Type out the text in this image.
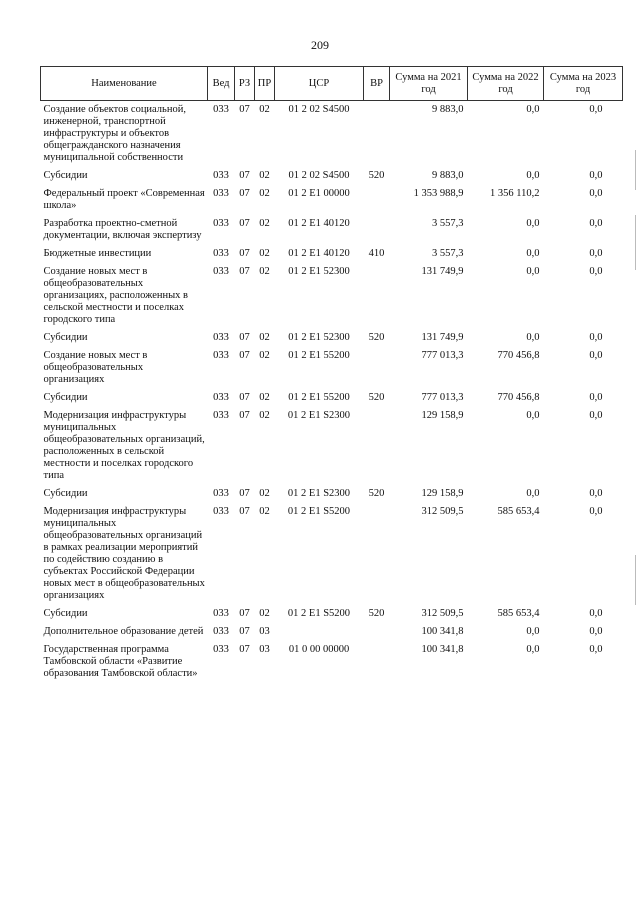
209
Наименование	Вед	РЗ	ПР	ЦСР	ВР	Сумма на 2021 год	Сумма на 2022 год	Сумма на 2023 год
Создание объектов социальной, инженерной, транспортной инфраструктуры и объектов общегражданского назначения муниципальной собственности	033	07	02	01 2 02 S4500		9 883,0	0,0	0,0
Субсидии	033	07	02	01 2 02 S4500	520	9 883,0	0,0	0,0
Федеральный проект «Современная школа»	033	07	02	01 2 Е1 00000		1 353 988,9	1 356 110,2	0,0
Разработка проектно-сметной документации, включая экспертизу	033	07	02	01 2 Е1 40120		3 557,3	0,0	0,0
Бюджетные инвестиции	033	07	02	01 2 Е1 40120	410	3 557,3	0,0	0,0
Создание новых мест в общеобразовательных организациях, расположенных в сельской местности и поселках городского типа	033	07	02	01 2 Е1 52300		131 749,9	0,0	0,0
Субсидии	033	07	02	01 2 Е1 52300	520	131 749,9	0,0	0,0
Создание новых мест в общеобразовательных организациях	033	07	02	01 2 Е1 55200		777 013,3	770 456,8	0,0
Субсидии	033	07	02	01 2 Е1 55200	520	777 013,3	770 456,8	0,0
Модернизация инфраструктуры муниципальных общеобразовательных организаций, расположенных в сельской местности и поселках городского типа	033	07	02	01 2 Е1 S2300		129 158,9	0,0	0,0
Субсидии	033	07	02	01 2 Е1 S2300	520	129 158,9	0,0	0,0
Модернизация инфраструктуры муниципальных общеобразовательных организаций в рамках реализации мероприятий по содействию созданию в субъектах Российской Федерации новых мест в общеобразовательных организациях	033	07	02	01 2 Е1 S5200		312 509,5	585 653,4	0,0
Субсидии	033	07	02	01 2 Е1 S5200	520	312 509,5	585 653,4	0,0
Дополнительное образование детей	033	07	03			100 341,8	0,0	0,0
Государственная программа Тамбовской области «Развитие образования Тамбовской области»	033	07	03	01 0 00 00000		100 341,8	0,0	0,0
